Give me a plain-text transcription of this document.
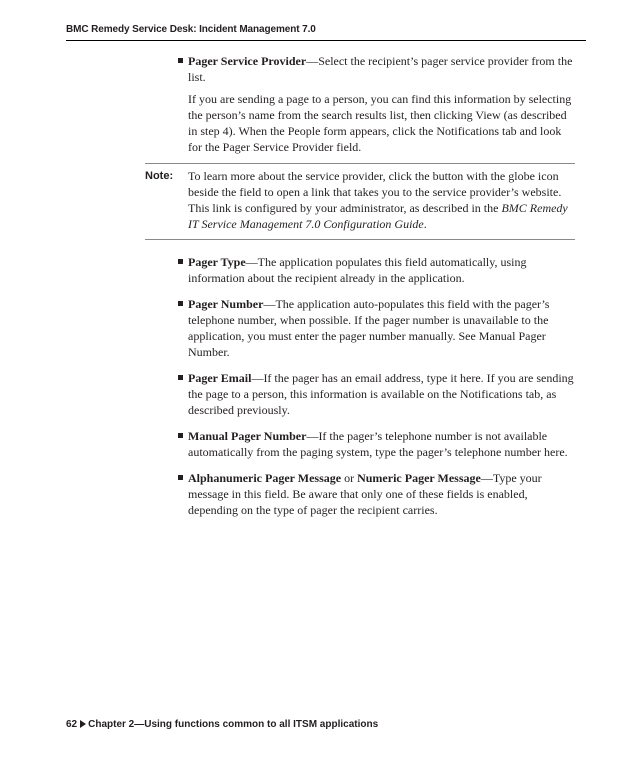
BMC Remedy Service Desk: Incident Management 7.0
Pager Service Provider—Select the recipient’s pager service provider from the list.

If you are sending a page to a person, you can find this information by selecting the person’s name from the search results list, then clicking View (as described in step 4). When the People form appears, click the Notifications tab and look for the Pager Service Provider field.

Note: To learn more about the service provider, click the button with the globe icon beside the field to open a link that takes you to the service provider’s website. This link is configured by your administrator, as described in the BMC Remedy IT Service Management 7.0 Configuration Guide.
Pager Type—The application populates this field automatically, using information about the recipient already in the application.
Pager Number—The application auto-populates this field with the pager’s telephone number, when possible. If the pager number is unavailable to the application, you must enter the pager number manually. See Manual Pager Number.
Pager Email—If the pager has an email address, type it here. If you are sending the page to a person, this information is available on the Notifications tab, as described previously.
Manual Pager Number—If the pager’s telephone number is not available automatically from the paging system, type the pager’s telephone number here.
Alphanumeric Pager Message or Numeric Pager Message—Type your message in this field. Be aware that only one of these fields is enabled, depending on the type of pager the recipient carries.
62 Chapter 2—Using functions common to all ITSM applications
